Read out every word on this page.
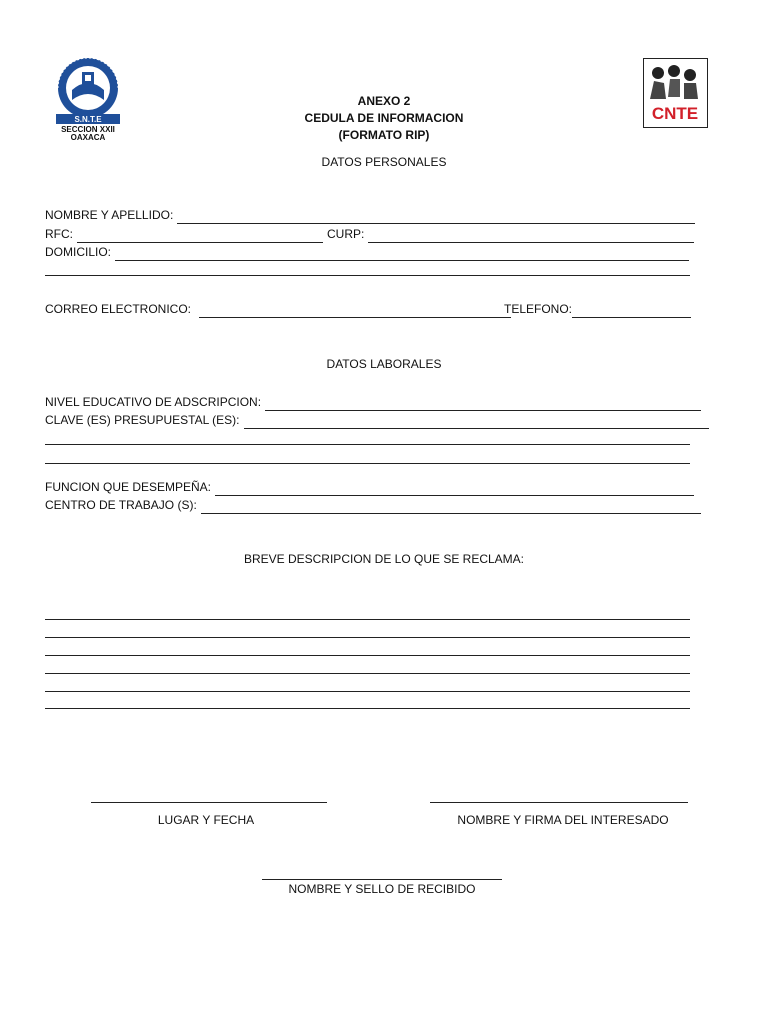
S.N.T.E
SECCION XXII
OAXACA
CNTE
ANEXO 2
CEDULA DE INFORMACION
(FORMATO RIP)
DATOS PERSONALES
NOMBRE Y APELLIDO:
RFC:	CURP:
DOMICILIO:
CORREO ELECTRONICO:	TELEFONO:
DATOS LABORALES
NIVEL EDUCATIVO DE ADSCRIPCION:
CLAVE (ES) PRESUPUESTAL (ES):
FUNCION QUE DESEMPEÑA:
CENTRO DE TRABAJO (S):
BREVE DESCRIPCION DE LO QUE SE RECLAMA:
LUGAR Y FECHA	NOMBRE Y FIRMA DEL INTERESADO
NOMBRE Y SELLO DE RECIBIDO
